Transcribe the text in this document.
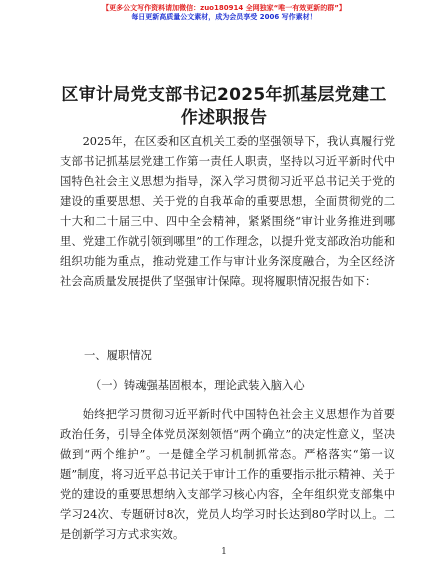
【更多公文写作资料请加微信：zuo180914 全网独家“唯一有效更新的群”】
每日更新高质量公文素材，成为会员享受 2006 写作素材！
区审计局党支部书记2025年抓基层党建工作述职报告
2025年，在区委和区直机关工委的坚强领导下，我认真履行党支部书记抓基层党建工作第一责任人职责，坚持以习近平新时代中国特色社会主义思想为指导，深入学习贯彻习近平总书记关于党的建设的重要思想、关于党的自我革命的重要思想，全面贯彻党的二十大和二十届三中、四中全会精神，紧紧围绕“审计业务推进到哪里、党建工作就引领到哪里”的工作理念，以提升党支部政治功能和组织功能为重点，推动党建工作与审计业务深度融合，为全区经济社会高质量发展提供了坚强审计保障。现将履职情况报告如下：
一、履职情况
（一）铸魂强基固根本，理论武装入脑入心
始终把学习贯彻习近平新时代中国特色社会主义思想作为首要政治任务，引导全体党员深刻领悟“两个确立”的决定性意义，坚决做到“两个维护”。一是健全学习机制抓常态。严格落实“第一议题”制度，将习近平总书记关于审计工作的重要指示批示精神、关于党的建设的重要思想纳入支部学习核心内容，全年组织党支部集中学习24次、专题研讨8次，党员人均学习时长达到80学时以上。二是创新学习方式求实效。
1
